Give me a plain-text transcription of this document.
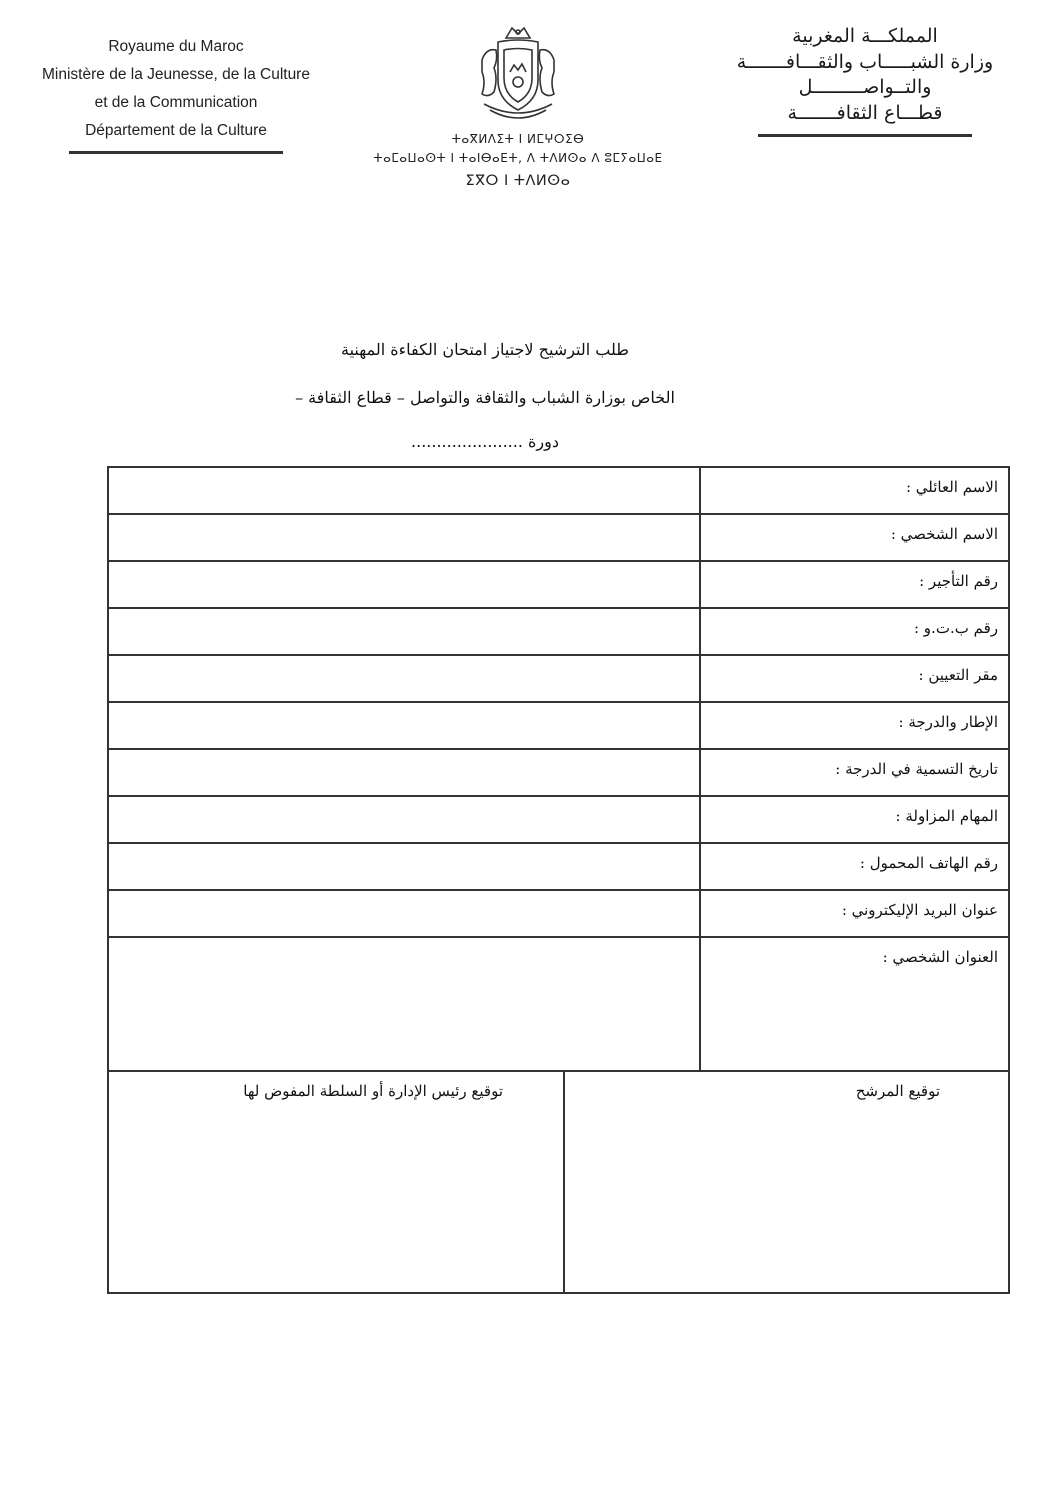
Royaume du Maroc
Ministère de la Jeunesse, de la Culture
et de la Communication
Département de la Culture	ⵜⴰⴳⵍⴷⵉⵜ ⵏ ⵍⵎⵖⵔⵉⴱ
ⵜⴰⵎⴰⵡⴰⵙⵜ ⵏ ⵜⴰⵏⴱⴰⴹⵜ, ⴷ ⵜⴷⵍⵙⴰ ⴷ ⵓⵎⵢⴰⵡⴰⴹ
ⵉⴳⵔ ⵏ ⵜⴷⵍⵙⴰ
المملكـــة المغربية
وزارة الشبـــــاب والثقـــافـــــــة
والتــواصـــــــــل
قطـــاع الثقافـــــــة
طلب الترشيح لاجتياز امتحان الكفاءة المهنية
الخاص بوزارة الشباب والثقافة والتواصل – قطاع الثقافة –
دورة ......................
	الاسم العائلي :
	الاسم الشخصي :
	رقم التأجير :
	رقم ب.ت.و :
	مقر التعيين :
	الإطار والدرجة :
	تاريخ التسمية في الدرجة :
	المهام المزاولة :
	رقم الهاتف المحمول :
	عنوان البريد الإليكتروني :
	العنوان الشخصي :
توقيع رئيس الإدارة أو السلطة المفوض لها	توقيع المرشح
